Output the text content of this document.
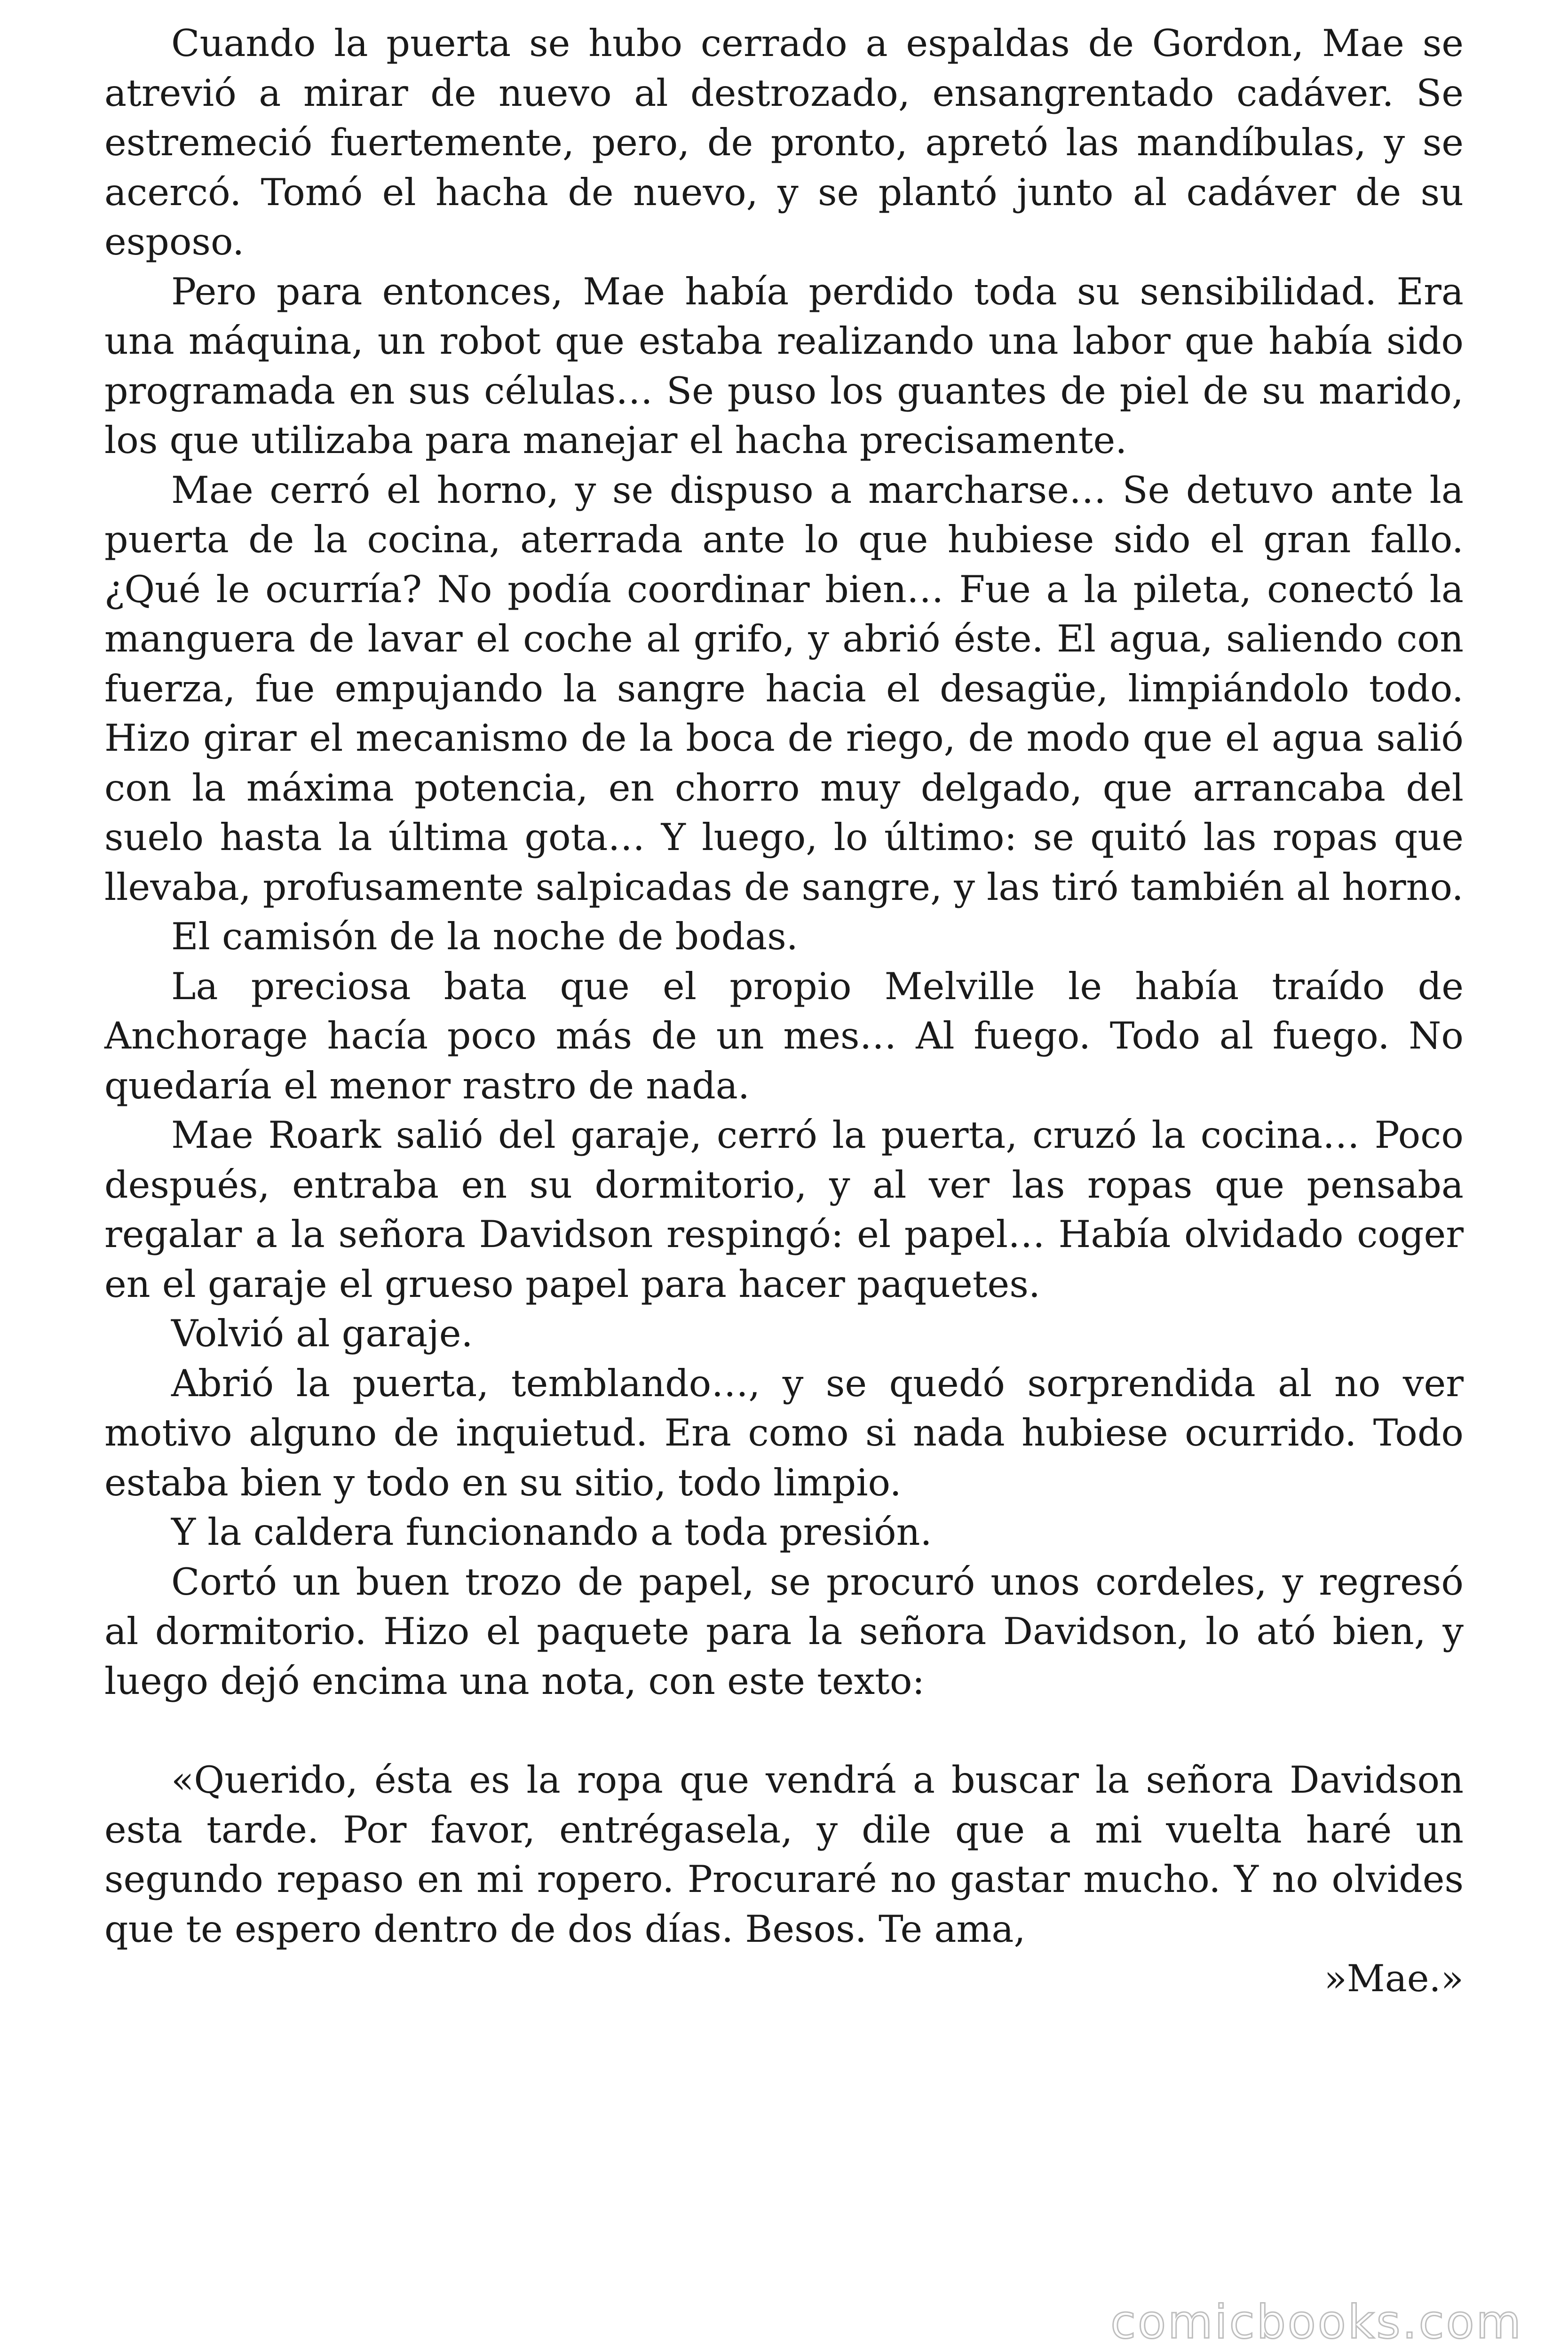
Cuando la puerta se hubo cerrado a espaldas de Gordon, Mae se atrevió a mirar de nuevo al destrozado, ensangrentado cadáver. Se estremeció fuertemente, pero, de pronto, apretó las mandíbulas, y se acercó. Tomó el hacha de nuevo, y se plantó junto al cadáver de su esposo.

Pero para entonces, Mae había perdido toda su sensibilidad. Era una máquina, un robot que estaba realizando una labor que había sido programada en sus células… Se puso los guantes de piel de su marido, los que utilizaba para manejar el hacha precisamente.

Mae cerró el horno, y se dispuso a marcharse… Se detuvo ante la puerta de la cocina, aterrada ante lo que hubiese sido el gran fallo. ¿Qué le ocurría? No podía coordinar bien… Fue a la pileta, conectó la manguera de lavar el coche al grifo, y abrió éste. El agua, saliendo con fuerza, fue empujando la sangre hacia el desagüe, limpiándolo todo. Hizo girar el mecanismo de la boca de riego, de modo que el agua salió con la máxima potencia, en chorro muy delgado, que arrancaba del suelo hasta la última gota… Y luego, lo último: se quitó las ropas que llevaba, profusamente salpicadas de sangre, y las tiró también al horno.

El camisón de la noche de bodas.

La preciosa bata que el propio Melville le había traído de Anchorage hacía poco más de un mes… Al fuego. Todo al fuego. No quedaría el menor rastro de nada.

Mae Roark salió del garaje, cerró la puerta, cruzó la cocina… Poco después, entraba en su dormitorio, y al ver las ropas que pensaba regalar a la señora Davidson respingó: el papel… Había olvidado coger en el garaje el grueso papel para hacer paquetes.

Volvió al garaje.

Abrió la puerta, temblando…, y se quedó sorprendida al no ver motivo alguno de inquietud. Era como si nada hubiese ocurrido. Todo estaba bien y todo en su sitio, todo limpio.

Y la caldera funcionando a toda presión.

Cortó un buen trozo de papel, se procuró unos cordeles, y regresó al dormitorio. Hizo el paquete para la señora Davidson, lo ató bien, y luego dejó encima una nota, con este texto:

«Querido, ésta es la ropa que vendrá a buscar la señora Davidson esta tarde. Por favor, entrégasela, y dile que a mi vuelta haré un segundo repaso en mi ropero. Procuraré no gastar mucho. Y no olvides que te espero dentro de dos días. Besos. Te ama,

»Mae.»

comicbooks.com
